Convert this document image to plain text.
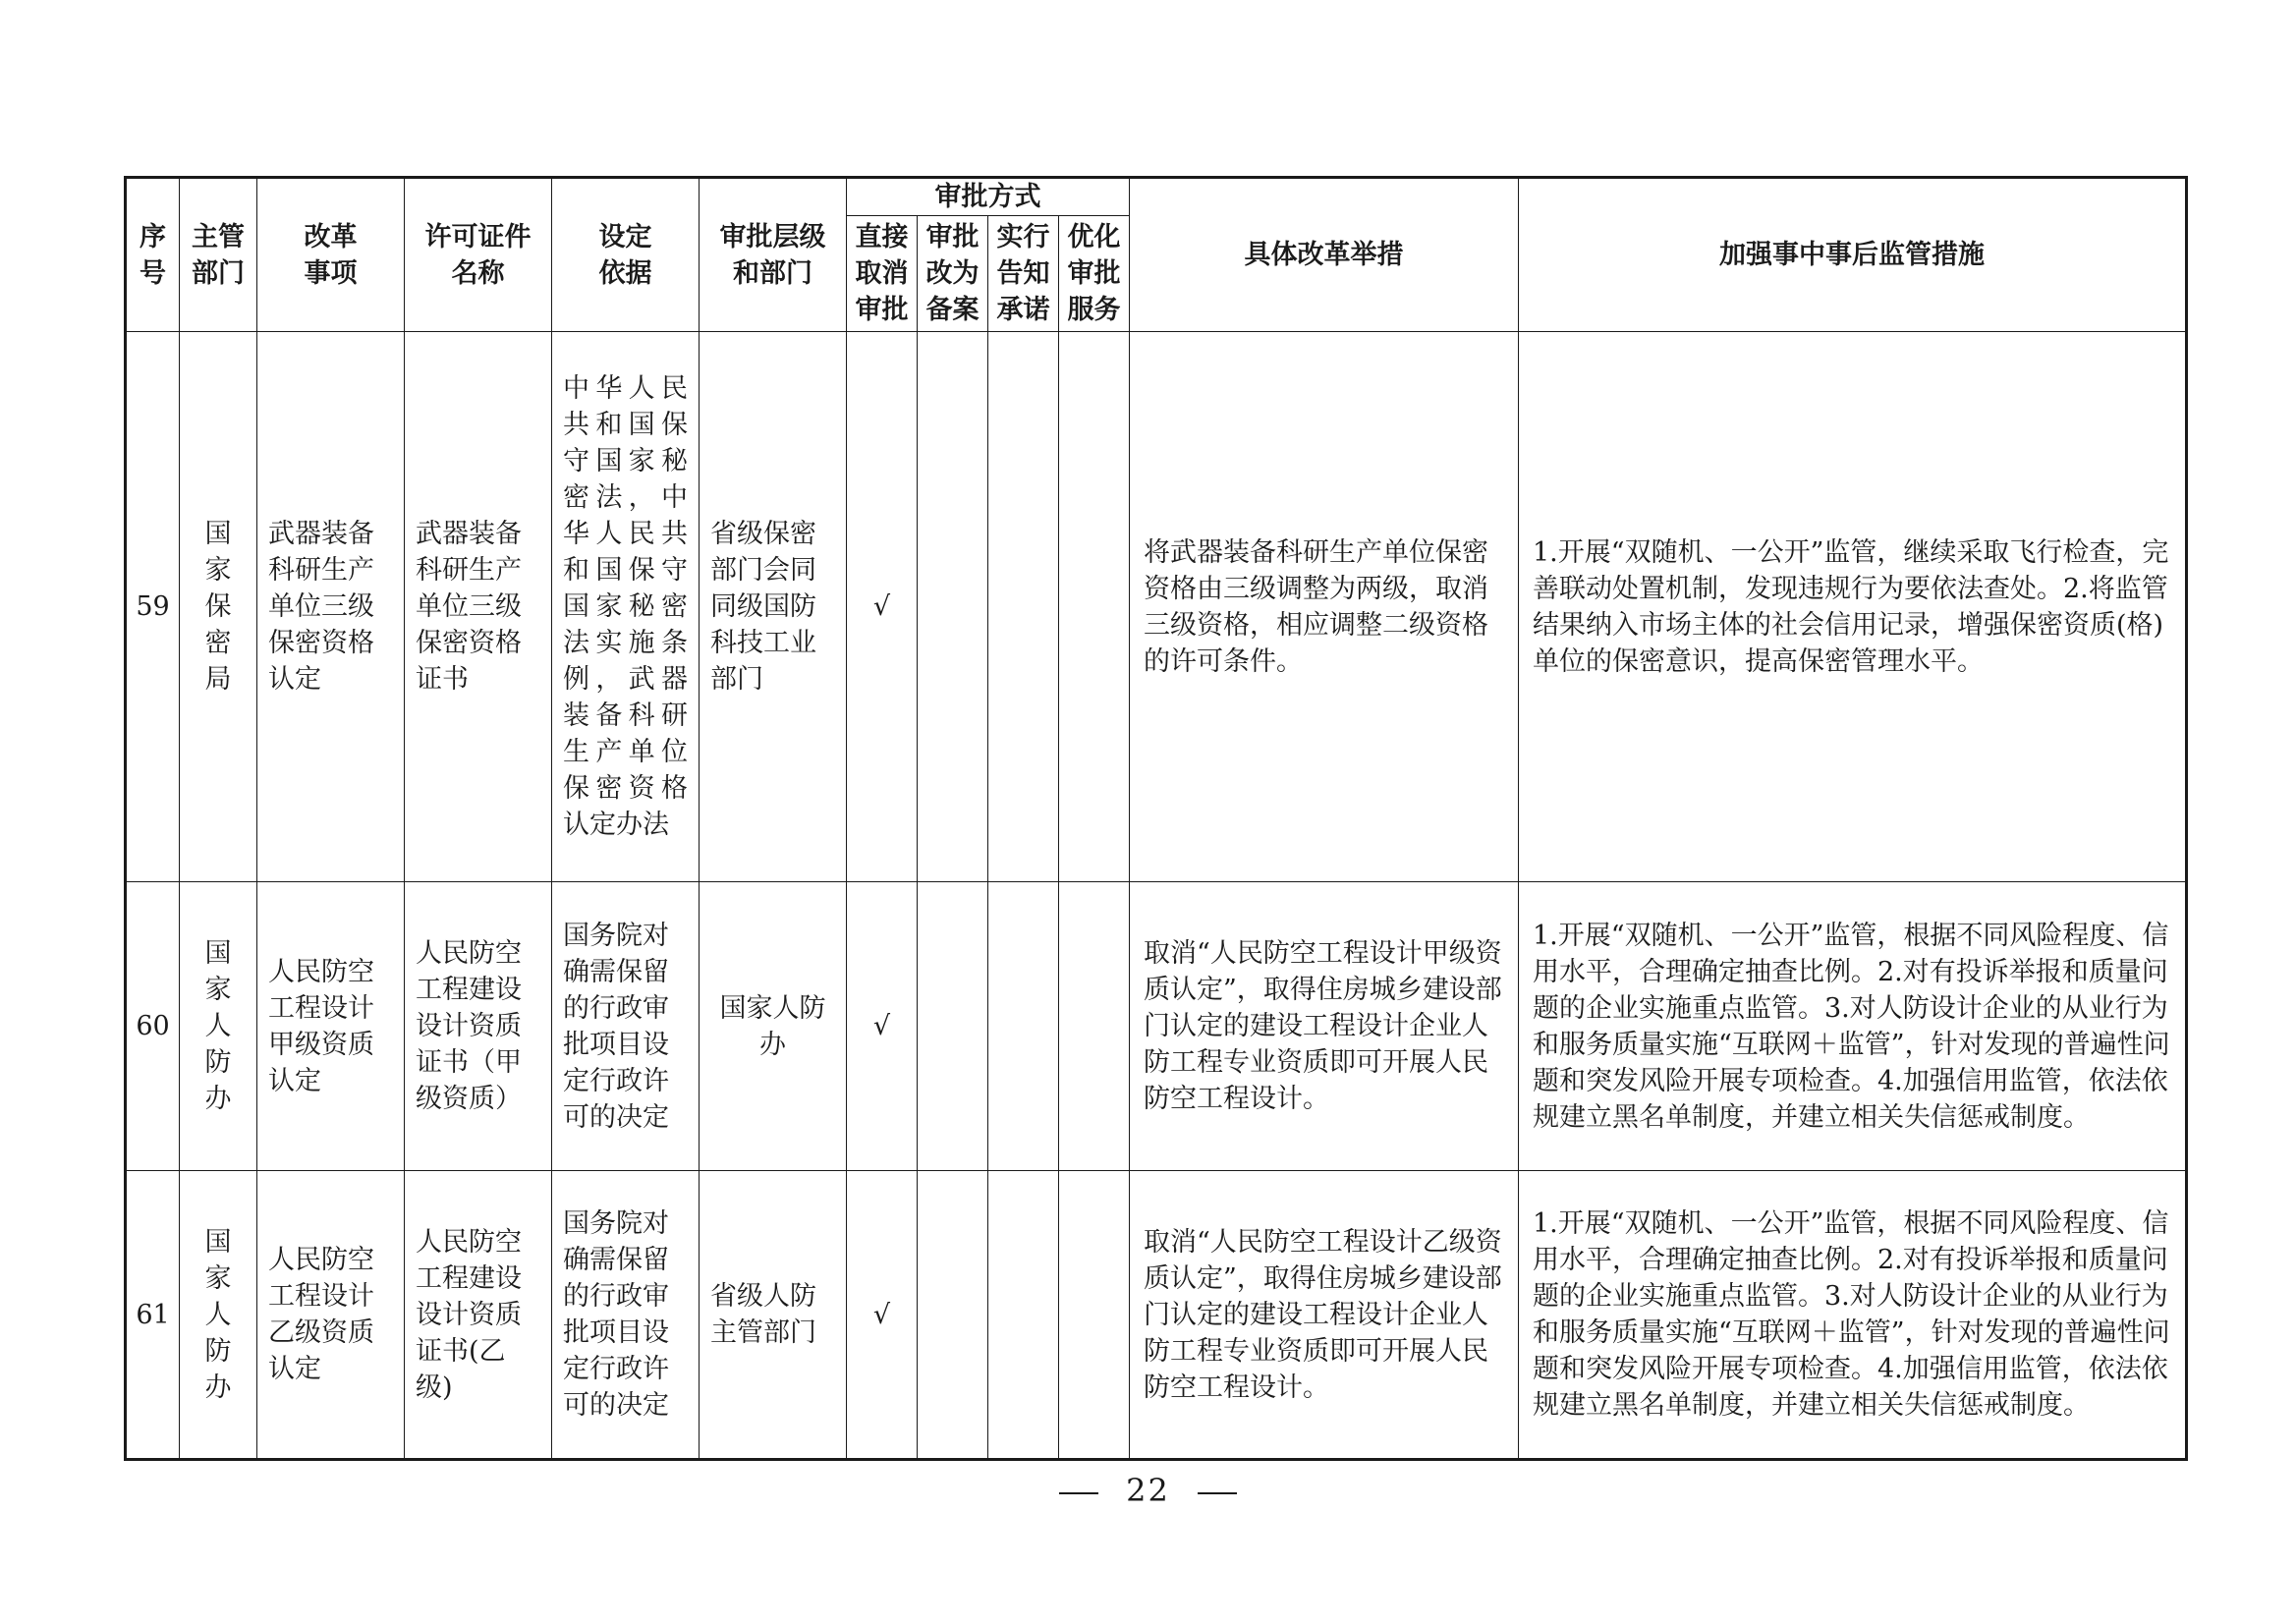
序号	主管部门	改革事项	许可证件名称	设定依据	审批层级和部门	审批方式				具体改革举措	加强事中事后监管措施
						直接取消审批	审批改为备案	实行告知承诺	优化审批服务		
59	国家保密局	武器装备科研生产单位三级保密资格认定	武器装备科研生产单位三级保密资格证书	中华人民共和国保守国家秘密法，中华人民共和国保守国家秘密法实施条例，武器装备科研生产单位保密资格认定办法	省级保密部门会同同级国防科技工业部门	√				将武器装备科研生产单位保密资格由三级调整为两级，取消三级资格，相应调整二级资格的许可条件。	1.开展“双随机、一公开”监管，继续采取飞行检查，完善联动处置机制，发现违规行为要依法查处。2.将监管结果纳入市场主体的社会信用记录，增强保密资质(格)单位的保密意识，提高保密管理水平。

60	国家人防办	人民防空工程设计甲级资质认定	人民防空工程建设设计资质证书（甲级资质）	国务院对确需保留的行政审批项目设定行政许可的决定	国家人防办	√				取消“人民防空工程设计甲级资质认定”，取得住房城乡建设部门认定的建设工程设计企业人防工程专业资质即可开展人民防空工程设计。	1.开展“双随机、一公开”监管，根据不同风险程度、信用水平，合理确定抽查比例。2.对有投诉举报和质量问题的企业实施重点监管。3.对人防设计企业的从业行为和服务质量实施“互联网＋监管”，针对发现的普遍性问题和突发风险开展专项检查。4.加强信用监管，依法依规建立黑名单制度，并建立相关失信惩戒制度。

61	国家人防办	人民防空工程设计乙级资质认定	人民防空工程建设设计资质证书(乙级)	国务院对确需保留的行政审批项目设定行政许可的决定	省级人防主管部门	√				取消“人民防空工程设计乙级资质认定”，取得住房城乡建设部门认定的建设工程设计企业人防工程专业资质即可开展人民防空工程设计。	1.开展“双随机、一公开”监管，根据不同风险程度、信用水平，合理确定抽查比例。2.对有投诉举报和质量问题的企业实施重点监管。3.对人防设计企业的从业行为和服务质量实施“互联网＋监管”，针对发现的普遍性问题和突发风险开展专项检查。4.加强信用监管，依法依规建立黑名单制度，并建立相关失信惩戒制度。
22
